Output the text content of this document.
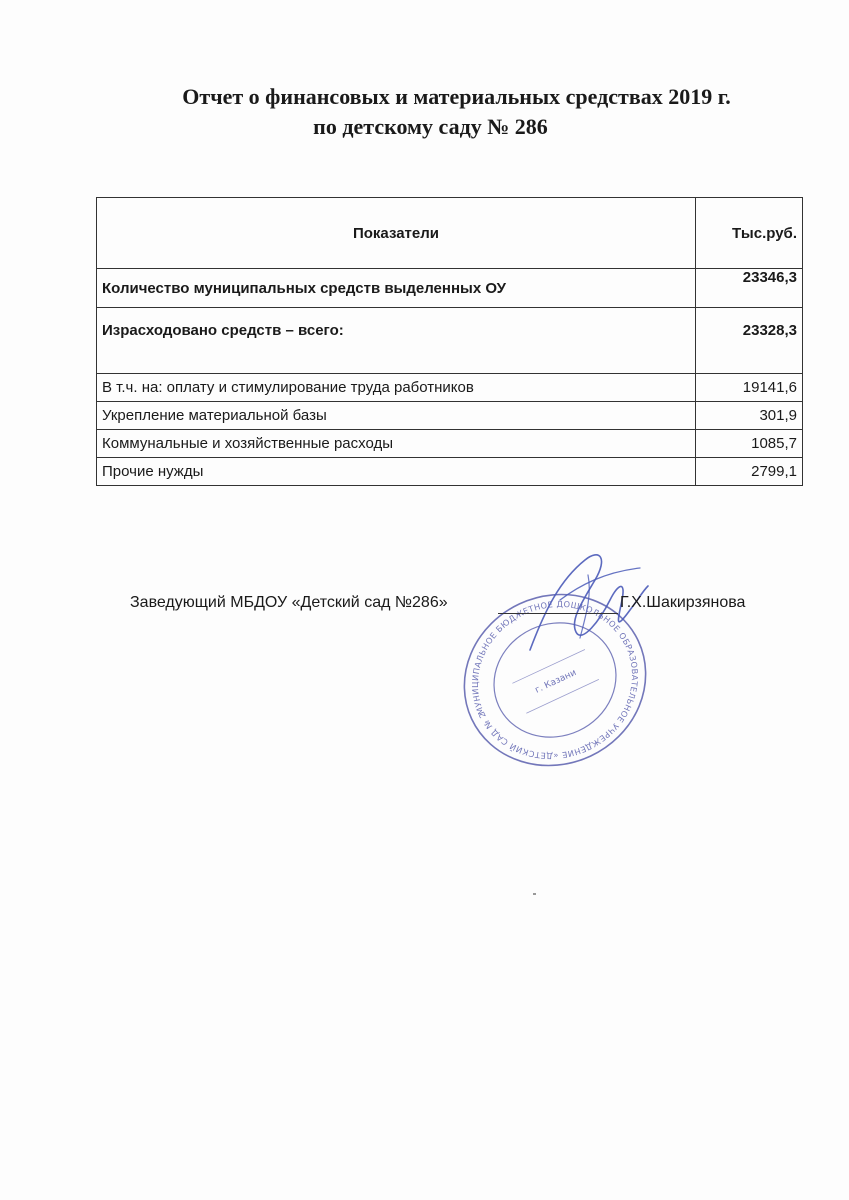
Отчет о финансовых и материальных средствах 2019 г.
по детскому саду № 286
Показатели	Тыс.руб.
Количество муниципальных средств выделенных ОУ	23346,3
Израсходовано средств – всего:	23328,3
В т.ч. на: оплату и стимулирование труда работников	19141,6
Укрепление материальной базы	301,9
Коммунальные и хозяйственные расходы	1085,7
Прочие нужды	2799,1
МУНИЦИПАЛЬНОЕ БЮДЖЕТНОЕ ДОШКОЛЬНОЕ ОБРАЗОВАТЕЛЬНОЕ УЧРЕЖДЕНИЕ «ДЕТСКИЙ САД № 286»
г. Казани
Заведующий МБДОУ «Детский сад №286»	Г.Х.Шакирзянова
